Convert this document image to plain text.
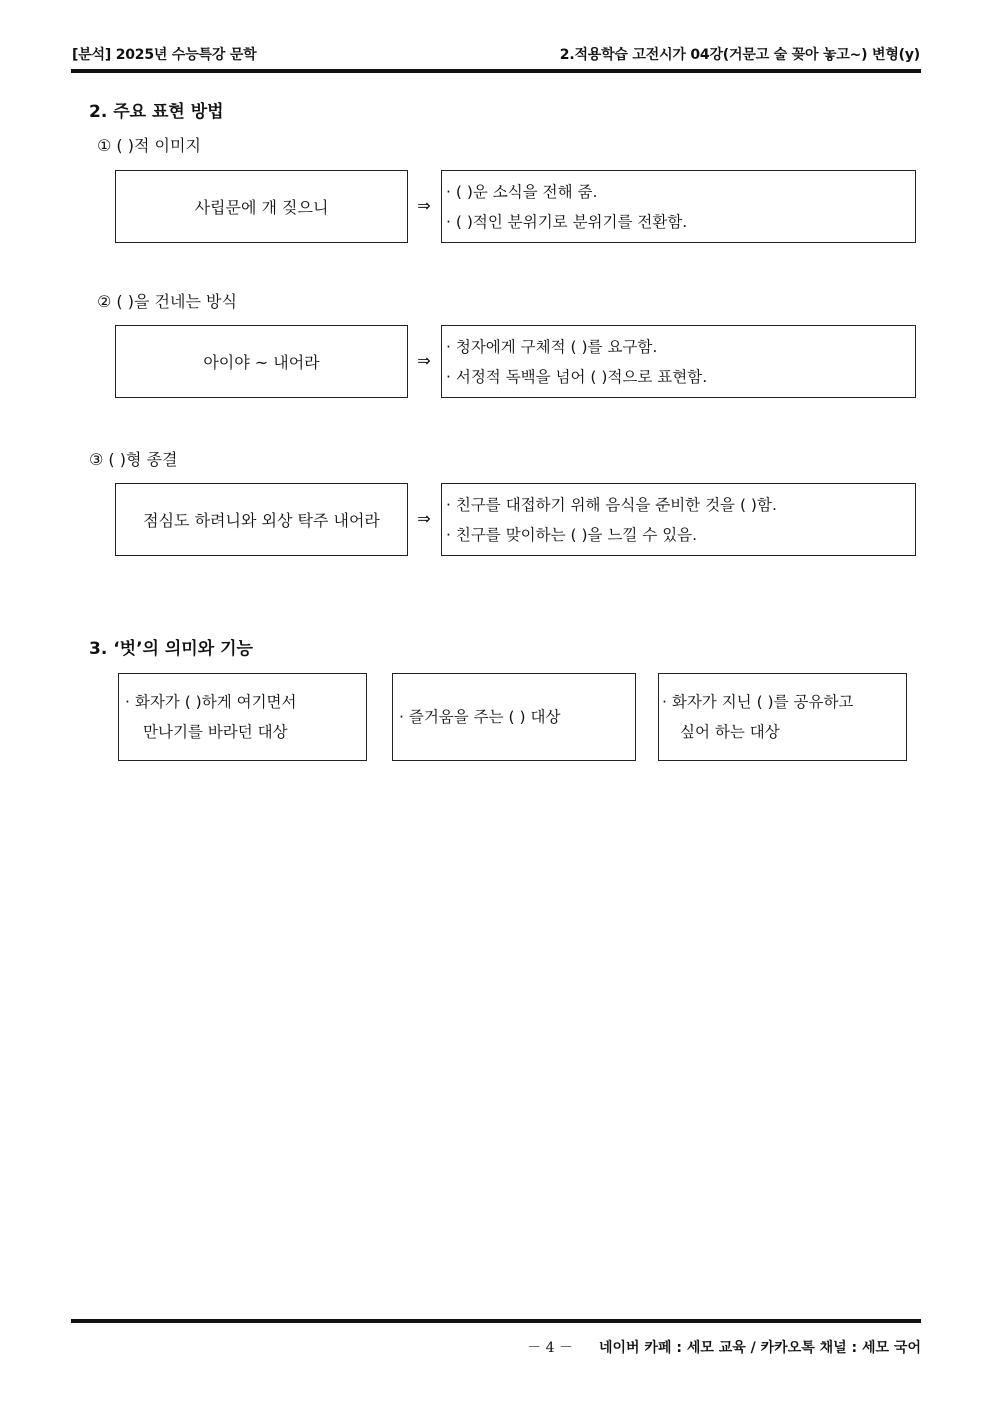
[분석] 2025년 수능특강 문학	2.적용학습 고전시가 04강(거문고 술 꽂아 놓고~) 변형(y)
2. 주요 표현 방법
① ( )적 이미지
사립문에 개 짖으니	⇒
· ( )운 소식을 전해 줌.
· ( )적인 분위기로 분위기를 전환함.
② ( )을 건네는 방식
아이야 ~ 내어라	⇒
· 청자에게 구체적 ( )를 요구함.
· 서정적 독백을 넘어 ( )적으로 표현함.
③ ( )형 종결
점심도 하려니와 외상 탁주 내어라	⇒
· 친구를 대접하기 위해 음식을 준비한 것을 ( )함.
· 친구를 맞이하는 ( )을 느낄 수 있음.
3. ‘벗’의 의미와 기능
· 화자가 ( )하게 여기면서
만나기를 바라던 대상
· 즐거움을 주는 ( ) 대상
· 화자가 지닌 ( )를 공유하고
싶어 하는 대상
－ 4 － 네이버 카페 : 세모 교육 / 카카오톡 채널 : 세모 국어
